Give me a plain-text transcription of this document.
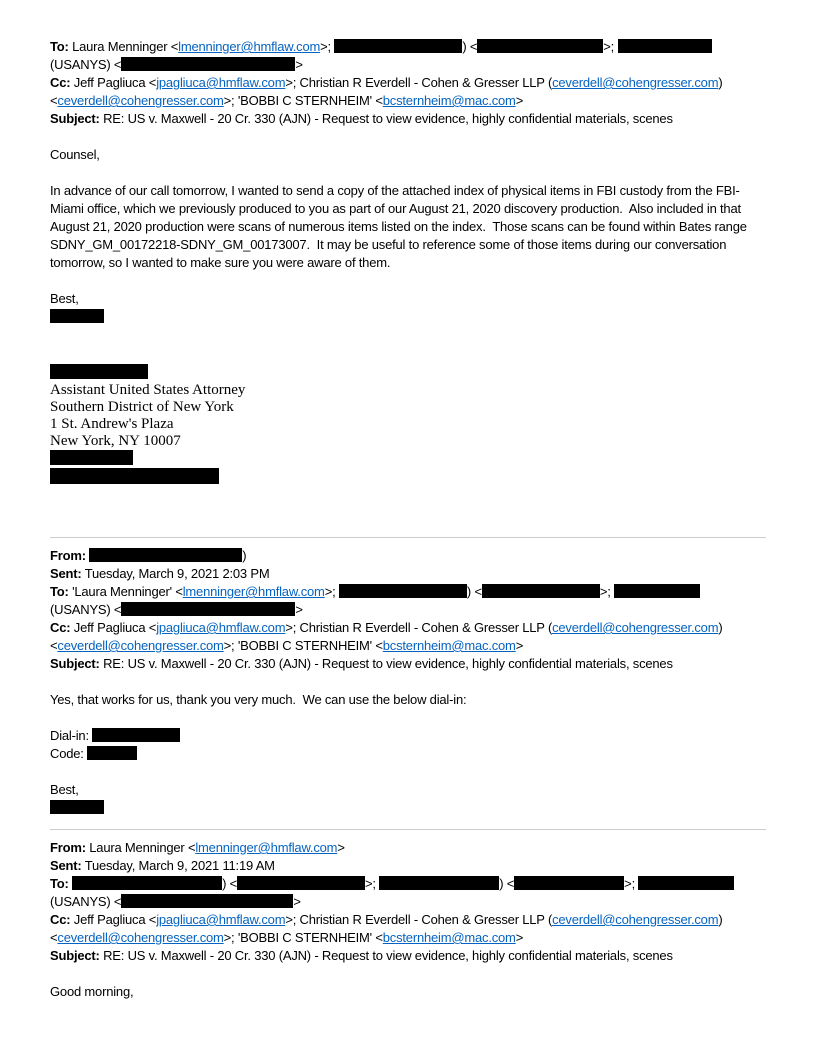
To: Laura Menninger <lmenninger@hmflaw.com>;	) <	>;
(USANYS) <	>
Cc: Jeff Pagliuca <jpagliuca@hmflaw.com>; Christian R Everdell - Cohen & Gresser LLP (ceverdell@cohengresser.com)
<ceverdell@cohengresser.com>; 'BOBBI C STERNHEIM' <bcsternheim@mac.com>
Subject: RE: US v. Maxwell - 20 Cr. 330 (AJN) - Request to view evidence, highly confidential materials, scenes
Counsel,
In advance of our call tomorrow, I wanted to send a copy of the attached index of physical items in FBI custody from the FBI-Miami office, which we previously produced to you as part of our August 21, 2020 discovery production.  Also included in that August 21, 2020 production were scans of numerous items listed on the index.  Those scans can be found within Bates range SDNY_GM_00172218-SDNY_GM_00173007.  It may be useful to reference some of those items during our conversation tomorrow, so I wanted to make sure you were aware of them.
Best,
Assistant United States Attorney
Southern District of New York
1 St. Andrew's Plaza
New York, NY 10007
From:	)
Sent: Tuesday, March 9, 2021 2:03 PM
To: 'Laura Menninger' <lmenninger@hmflaw.com>;	) <	>;
(USANYS) <	>
Cc: Jeff Pagliuca <jpagliuca@hmflaw.com>; Christian R Everdell - Cohen & Gresser LLP (ceverdell@cohengresser.com)
<ceverdell@cohengresser.com>; 'BOBBI C STERNHEIM' <bcsternheim@mac.com>
Subject: RE: US v. Maxwell - 20 Cr. 330 (AJN) - Request to view evidence, highly confidential materials, scenes
Yes, that works for us, thank you very much.  We can use the below dial-in:
Dial-in:
Code:
Best,
From: Laura Menninger <lmenninger@hmflaw.com>
Sent: Tuesday, March 9, 2021 11:19 AM
To:	) <	>;	) <	>;
(USANYS) <	>
Cc: Jeff Pagliuca <jpagliuca@hmflaw.com>; Christian R Everdell - Cohen & Gresser LLP (ceverdell@cohengresser.com)
<ceverdell@cohengresser.com>; 'BOBBI C STERNHEIM' <bcsternheim@mac.com>
Subject: RE: US v. Maxwell - 20 Cr. 330 (AJN) - Request to view evidence, highly confidential materials, scenes
Good morning,
